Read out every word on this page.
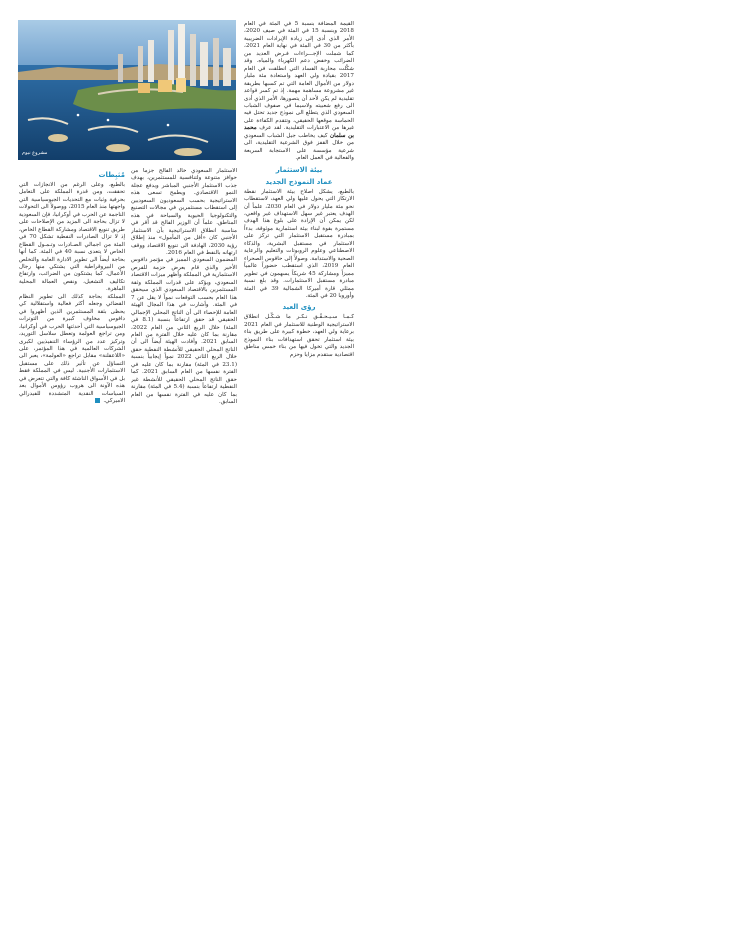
مشروع نيوم

القيمة المضافة بنسبة 5 في المئة في العام 2018 وبنسبة 15 في المئة في صيف 2020، الأمر الذي أدى إلى زيادة الإيرادات الضريبية بأكثر من 30 في المئة في نهاية العام 2021، كما شملت الإجـــراءات فـرض العديد من الضرائب وخفض دعم الكهرباء والمياه. وقد شكّلت محاربة الفساد التي انطلقت في العام 2017 بقيادة ولي العهد واستعادة مئة مليار دولار من الأموال العامة التي تم كسبها بطريقة غير مشروعة مساهمة مهمة. إذ تم كسر قواعد تقليدية لم يكن لأحد أن يتصورها، الأمر الذي أدى الى رفع شعبيته ولاسيما في صفوف الشباب السعودي الذي يتطلع الى نموذج جديد تحتل فيه الحماسة موقعها الحقيقي، وتتقدم الكفاءة على غيرها من الاعتبارات التقليدية. لقد عرف محمد بن سلمان كيف يخاطب جيل الشباب السعودي من خلال القفز فوق الشرعية التقليدية، الى شرعية مؤسسة على الاستجابة السريعة والفعالية في العمل العام.

بيئة الاستثمار
عماد النموذج الجديد

بالطبع، يشكل اصلاح بيئة الاستثمار نقطة الارتكاز التي يحول عليها ولي العهد، لاستقطاب نحو مئة مليار دولار في العام 2030، علماً أن الهدف يعتبر غير سهل الاستهداف غير واقعي، لكن يمكن أن الإرادة على بلوغ هذا الهدف مستمرة بقوة لبناء بيئة استثمارية موثوقة، بدءاً بمبادرة مستقبل الاستثمار التي تركز على الاستثمار في مستقبل البشرية، والذكاء الاصطناعي وعلوم الروبوتات والتعليم والرعاية الصحية والاستدامة. وصولاً إلى حاقوس الصحراء العام 2019، الذي استقطب حضوراً عالمياً مميزاً ومشاركة 45 شريكاً يسهمون في تطوير مبادرة مستقبل الاستثمارات. وقد بلغ نسبة ممثلي قارة أميركا الشمالية 39 في المئة وأوروبا 20 في المئة.

رؤى العيد

كـمـا سـيـحـقّـق نـكـر ما شـكّـل انطلاق الاستراتيجية الوطنية للاستثمار في العام 2021 برعاية ولي العهد، خطوة كبيرة على طريق بناء بيئة استثمار تحقق استهدافات بناء النموذج الجديد والتي تخول فيها من بناء خمس مناطق اقتصادية ستقدم مزايا وحزم

الاستثمار السعودي خالد الفالح جزماً من حوافز متنوعة ولتنافسية للمستثمرين، بهدف جذب الاستثمار الأجنبي المباشر ويدفع عجلة النمو الاقتصادي. ويطمح تسعى هذه الاستراتيجية بحسب السعوديون السعوديين إلى استقطاب مستثمرين في مجالات التصنيع والتكنولوجيا الحيوية والسياحة في هذه المناطق. علماً أن الوزير الفالح قد أقر في مناسبة انطلاق الاستراتيجية بأن الاستثمار الأجنبي كان «أقل من المأمول» منذ إطلاق رؤية 2030، الهادفة الى تنويع الاقتصاد ووقف ارتهانه بالنفط في العام 2016.

المضمون السعودي المميز في مؤتمر دافوس الأخير والذي قام بعرض حزمة للفرص الاستثمارية في المملكة وأظهر ميزات الاقتصاد السعودي، ويؤكد على قدرات المملكة وثقة المستثمرين بالاقتصاد السعودي الذي سيحقق هذا العام بحسب التوقعات نمواً لا يقل عن 7 في المئة. وأشارت في هذا المجال الهيئة العامة للإحصاء الى أن الناتج المحلي الإجمالي الحقيقي قد حقق ارتفاعاً بنسبة (8.1 في المئة) خلال الربع الثاني من العام 2022، مقارنة بما كان عليه خلال الفترة من العام السابق 2021. وأفادت الهيئة أيضاً الى أن الناتج المحلي الحقيقي للأنشطة النفطية حقق خلال الربع الثاني 2022 نمواً إيجابياً بنسبة (23.1 في المئة) مقارنة بما كان عليه في الفترة نفسها من العام السابق 2021. كما حقق الناتج المحلي الحقيقي للأنشطة غير النفطية ارتفاعاً بنسبة (5.4 في المئة) مقارنة بما كان عليه في الفترة نفسها من العام السابق.

مُثبِطات

بالطبع، وعلى الرغم من الانجازات التي تحققت، ومن قدرة المملكة على التعامل بحرفية وثبات مع التحديات الجيوسياسية التي واجهتها منذ العام 2015، ووصولاً الى التحولات الناجمة عن الحرب في أوكرانيا، فإن السعودية لا تزال بحاجة الى المزيد من الإصلاحات على طريق تنويع الاقتصاد ومشاركة القطاع الخاص، إذ لا تزال الصادرات النفطية تشكل 70 في المئة من اجمالي الصـادرات وتـمـول القطاع الخاص لا يتعدى نسبة 40 في المئة. كما أنها بحاجة أيضاً الى تطوير الادارة العامة والتخلص من البيروقراطية التي يشتكي منها رجال الأعمال، كما يشتكون من الضرائب، وارتفاع تكاليف التشغيل، ونقص العمالة المحلية الماهرة.

المملكة بحاجة كذلك الى تطوير النظام القضائي وجعله أكثر فعالية واستقلالية كي يحظى بثقة المستثمرين الذين أظهروا في دافوس مخاوف كبيرة من التوترات الجيوسياسية التي أحدثتها الحرب في أوكرانيا، ومن تراجع العولمة وتعطل سلاسل التوريد، وتركيز عدد من الرؤساء التنفيذيين لكبرى الشركات العالمية في هذا المؤتمر، على «اللاعقلنة» مقابل تراجع «العولمة»، يعبر الى التساؤل عن تأثير ذلك على مستقبل الاستثمارات الأجنبية. ليس في المملكة فقط بل في الأسواق الناشئة كافة والتي تتعرض في هذه الآونة الى هروب رؤوس الأموال بعد السياسات النقدية المتشددة للفيدرالي الاميركي.
